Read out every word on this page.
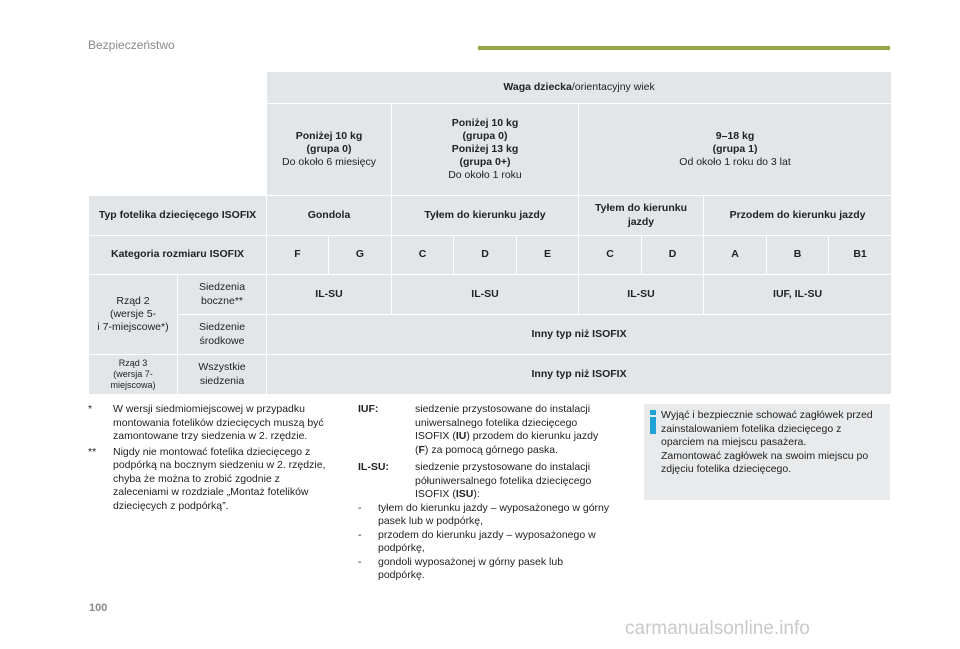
Bezpieczeństwo
		Waga dziecka/orientacyjny wiek									
		Poniżej 10 kg
(grupa 0)
Do około 6 miesięcy		Poniżej 10 kg
(grupa 0)
Poniżej 13 kg
(grupa 0+)
Do około 1 roku			9–18 kg
(grupa 1)
Od około 1 roku do 3 lat				
Typ fotelika dziecięcego ISOFIX		Gondola		Tyłem do kierunku jazdy			Tyłem do kierunku jazdy		Przodem do kierunku jazdy		
Kategoria rozmiaru ISOFIX		F	G	C	D	E	C	D	A	B	B1
Rząd 2
(wersje 5-
i 7-miejscowe*)	Siedzenia
boczne**	IL-SU		IL-SU			IL-SU		IUF, IL-SU		
	Siedzenie
środkowe	Inny typ niż ISOFIX									
Rząd 3
(wersja 7-miejscowa)	Wszystkie
siedzenia	Inny typ niż ISOFIX									
*	W wersji siedmiomiejscowej w przypadku montowania fotelików dziecięcych muszą być zamontowane trzy siedzenia w 2. rzędzie.
**	Nigdy nie montować fotelika dziecięcego z podpórką na bocznym siedzeniu w 2. rzędzie, chyba że można to zrobić zgodnie z zaleceniami w rozdziale „Montaż fotelików dziecięcych z podpórką”.
IUF:	siedzenie przystosowane do instalacji uniwersalnego fotelika dziecięcego ISOFIX (IU) przodem do kierunku jazdy (F) za pomocą górnego paska.
IL-SU: siedzenie przystosowane do instalacji półuniwersalnego fotelika dziecięcego ISOFIX (ISU):
- tyłem do kierunku jazdy – wyposażonego w górny pasek lub w podpórkę,
- przodem do kierunku jazdy – wyposażonego w podpórkę,
- gondoli wyposażonej w górny pasek lub podpórkę.
Wyjąć i bezpiecznie schować zagłówek przed zainstalowaniem fotelika dziecięcego z oparciem na miejscu pasażera.
Zamontować zagłówek na swoim miejscu po zdjęciu fotelika dziecięcego.
100
carmanualsonline.info
